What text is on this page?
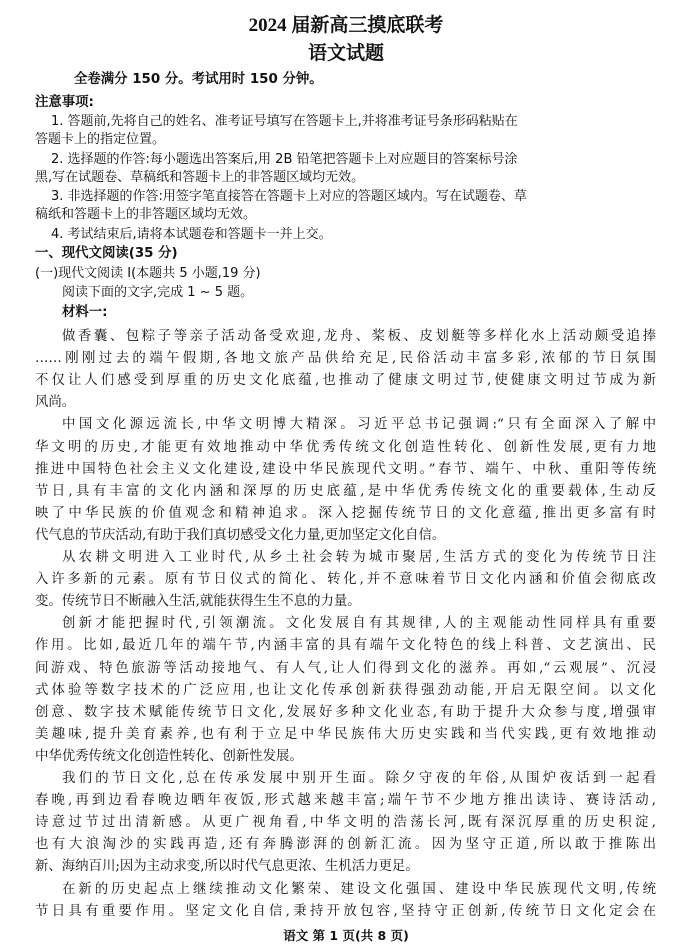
2024 届新高三摸底联考
语文试题
全卷满分 150 分。考试用时 150 分钟。
注意事项:
1. 答题前,先将自己的姓名、准考证号填写在答题卡上,并将准考证号条形码粘贴在
答题卡上的指定位置。
2. 选择题的作答:每小题选出答案后,用 2B 铅笔把答题卡上对应题目的答案标号涂
黑,写在试题卷、草稿纸和答题卡上的非答题区域均无效。
3. 非选择题的作答:用签字笔直接答在答题卡上对应的答题区域内。写在试题卷、草
稿纸和答题卡上的非答题区域均无效。
4. 考试结束后,请将本试题卷和答题卡一并上交。
一、现代文阅读(35 分)
(一)现代文阅读 Ⅰ(本题共 5 小题,19 分)
阅读下面的文字,完成 1 ~ 5 题。
材料一:
做香囊、包粽子等亲子活动备受欢迎,龙舟、桨板、皮划艇等多样化水上活动颇受追捧
……刚刚过去的端午假期,各地文旅产品供给充足,民俗活动丰富多彩,浓郁的节日氛围
不仅让人们感受到厚重的历史文化底蕴,也推动了健康文明过节,使健康文明过节成为新
风尚。
中国文化源远流长,中华文明博大精深。习近平总书记强调:“只有全面深入了解中
华文明的历史,才能更有效地推动中华优秀传统文化创造性转化、创新性发展,更有力地
推进中国特色社会主义文化建设,建设中华民族现代文明。”春节、端午、中秋、重阳等传统
节日,具有丰富的文化内涵和深厚的历史底蕴,是中华优秀传统文化的重要载体,生动反
映了中华民族的价值观念和精神追求。深入挖掘传统节日的文化意蕴,推出更多富有时
代气息的节庆活动,有助于我们真切感受文化力量,更加坚定文化自信。
从农耕文明进入工业时代,从乡土社会转为城市聚居,生活方式的变化为传统节日注
入许多新的元素。原有节日仪式的简化、转化,并不意味着节日文化内涵和价值会彻底改
变。传统节日不断融入生活,就能获得生生不息的力量。
创新才能把握时代,引领潮流。文化发展自有其规律,人的主观能动性同样具有重要
作用。比如,最近几年的端午节,内涵丰富的具有端午文化特色的线上科普、文艺演出、民
间游戏、特色旅游等活动接地气、有人气,让人们得到文化的滋养。再如,“云观展”、沉浸
式体验等数字技术的广泛应用,也让文化传承创新获得强劲动能,开启无限空间。以文化
创意、数字技术赋能传统节日文化,发展好多种文化业态,有助于提升大众参与度,增强审
美趣味,提升美育素养,也有利于立足中华民族伟大历史实践和当代实践,更有效地推动
中华优秀传统文化创造性转化、创新性发展。
我们的节日文化,总在传承发展中别开生面。除夕守夜的年俗,从围炉夜话到一起看
春晚,再到边看春晚边晒年夜饭,形式越来越丰富;端午节不少地方推出读诗、赛诗活动,
诗意过节过出清新感。从更广视角看,中华文明的浩荡长河,既有深沉厚重的历史积淀,
也有大浪淘沙的实践再造,还有奔腾澎湃的创新汇流。因为坚守正道,所以敢于推陈出
新、海纳百川;因为主动求变,所以时代气息更浓、生机活力更足。
在新的历史起点上继续推动文化繁荣、建设文化强国、建设中华民族现代文明,传统
节日具有重要作用。坚定文化自信,秉持开放包容,坚持守正创新,传统节日文化定会在
语文 第 1 页(共 8 页)
